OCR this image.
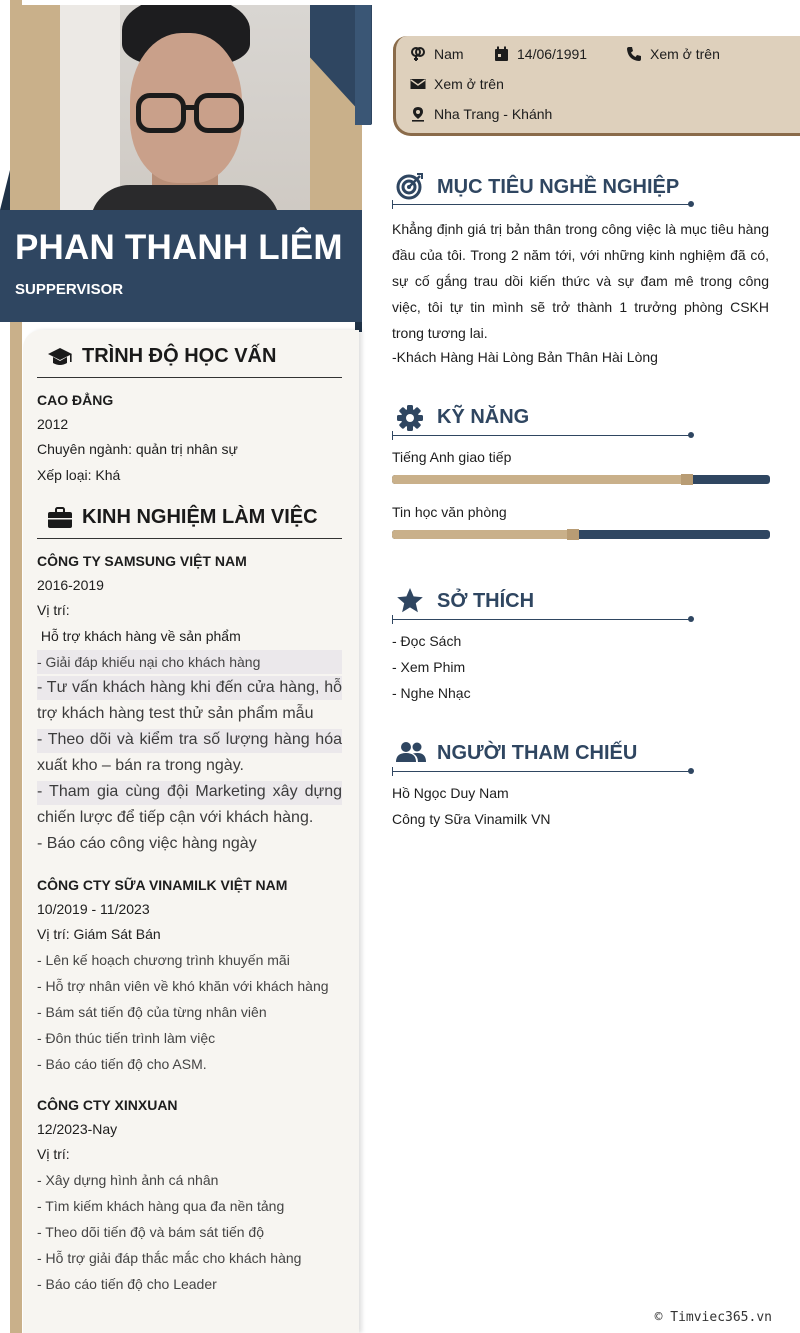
PHAN THANH LIÊM
SUPPERVISOR
TRÌNH ĐỘ HỌC VẤN
CAO ĐẲNG
2012
Chuyên ngành: quản trị nhân sự
Xếp loại: Khá
KINH NGHIỆM LÀM VIỆC
CÔNG TY SAMSUNG VIỆT NAM
2016-2019
Vị trí:
Hỗ trợ khách hàng về sản phẩm
- Giải đáp khiếu nại cho khách hàng
- Tư vấn khách hàng khi đến cửa hàng, hỗ trợ khách hàng test thử sản phẩm mẫu
- Theo dõi và kiểm tra số lượng hàng hóa xuất kho – bán ra trong ngày.
- Tham gia cùng đội Marketing xây dựng chiến lược để tiếp cận với khách hàng.
- Báo cáo công việc hàng ngày
CÔNG CTY SỮA VINAMILK VIỆT NAM
10/2019 - 11/2023
Vị trí: Giám Sát Bán
- Lên kế hoạch chương trình khuyến mãi
- Hỗ trợ nhân viên về khó khăn với khách hàng
- Bám sát tiến độ của từng nhân viên
- Đôn thúc tiến trình làm việc
- Báo cáo tiến độ cho ASM.
CÔNG CTY XINXUAN
12/2023-Nay
Vị trí:
- Xây dựng hình ảnh cá nhân
- Tìm kiếm khách hàng qua đa nền tảng
- Theo dõi tiến độ và bám sát tiến độ
- Hỗ trợ giải đáp thắc mắc cho khách hàng
- Báo cáo tiến độ cho Leader
Nam	14/06/1991	Xem ở trên
Xem ở trên
Nha Trang - Khánh
MỤC TIÊU NGHỀ NGHIỆP
Khẳng định giá trị bản thân trong công việc là mục tiêu hàng đầu của tôi. Trong 2 năm tới, với những kinh nghiệm đã có, sự cố gắng trau dồi kiến thức và sự đam mê trong công việc, tôi tự tin mình sẽ trở thành 1 trưởng phòng CSKH trong tương lai.
-Khách Hàng Hài Lòng Bản Thân Hài Lòng
KỸ NĂNG
Tiếng Anh giao tiếp
Tin học văn phòng
SỞ THÍCH
- Đọc Sách
- Xem Phim
- Nghe Nhạc
NGƯỜI THAM CHIẾU
Hồ Ngọc Duy Nam
Công ty Sữa Vinamilk VN
© Timviec365.vn
